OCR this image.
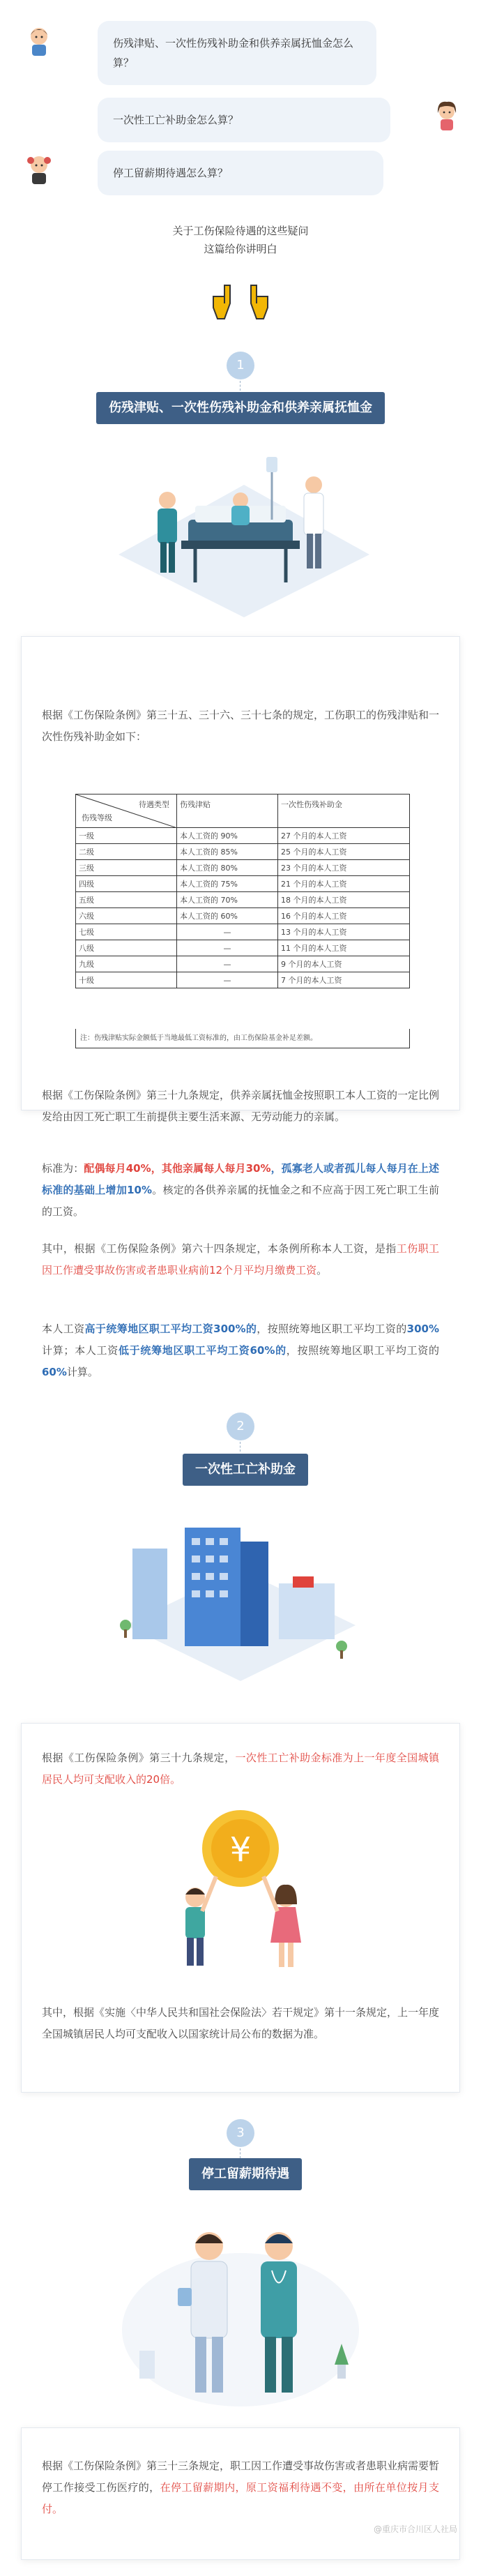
伤残津贴、一次性伤残补助金和供养亲属抚恤金怎么算？
一次性工亡补助金怎么算？
停工留薪期待遇怎么算？
关于工伤保险待遇的这些疑问
这篇给你讲明白
1
伤残津贴、一次性伤残补助金和供养亲属抚恤金
根据《工伤保险条例》第三十五、三十六、三十七条的规定，工伤职工的伤残津贴和一次性伤残补助金如下：
待遇类型
伤残等级	伤残津贴	一次性伤残补助金
一级	本人工资的 90%	27 个月的本人工资
二级	本人工资的 85%	25 个月的本人工资
三级	本人工资的 80%	23 个月的本人工资
四级	本人工资的 75%	21 个月的本人工资
五级	本人工资的 70%	18 个月的本人工资
六级	本人工资的 60%	16 个月的本人工资
七级	—	13 个月的本人工资
八级	—	11 个月的本人工资
九级	—	9 个月的本人工资
十级	—	7 个月的本人工资
注：伤残津贴实际金额低于当地最低工资标准的，由工伤保险基金补足差额。
根据《工伤保险条例》第三十九条规定，供养亲属抚恤金按照职工本人工资的一定比例发给由因工死亡职工生前提供主要生活来源、无劳动能力的亲属。
标准为：配偶每月40%，其他亲属每人每月30%，孤寡老人或者孤儿每人每月在上述标准的基础上增加10%。核定的各供养亲属的抚恤金之和不应高于因工死亡职工生前的工资。
其中，根据《工伤保险条例》第六十四条规定，本条例所称本人工资，是指工伤职工因工作遭受事故伤害或者患职业病前12个月平均月缴费工资。
本人工资高于统筹地区职工平均工资300%的，按照统筹地区职工平均工资的300%计算；本人工资低于统筹地区职工平均工资60%的，按照统筹地区职工平均工资的60%计算。
2
一次性工亡补助金
根据《工伤保险条例》第三十九条规定，一次性工亡补助金标准为上一年度全国城镇居民人均可支配收入的20倍。
¥
其中，根据《实施〈中华人民共和国社会保险法〉若干规定》第十一条规定，上一年度全国城镇居民人均可支配收入以国家统计局公布的数据为准。
3
停工留薪期待遇
根据《工伤保险条例》第三十三条规定，职工因工作遭受事故伤害或者患职业病需要暂停工作接受工伤医疗的，在停工留薪期内，原工资福利待遇不变，由所在单位按月支付。
@重庆市合川区人社局
